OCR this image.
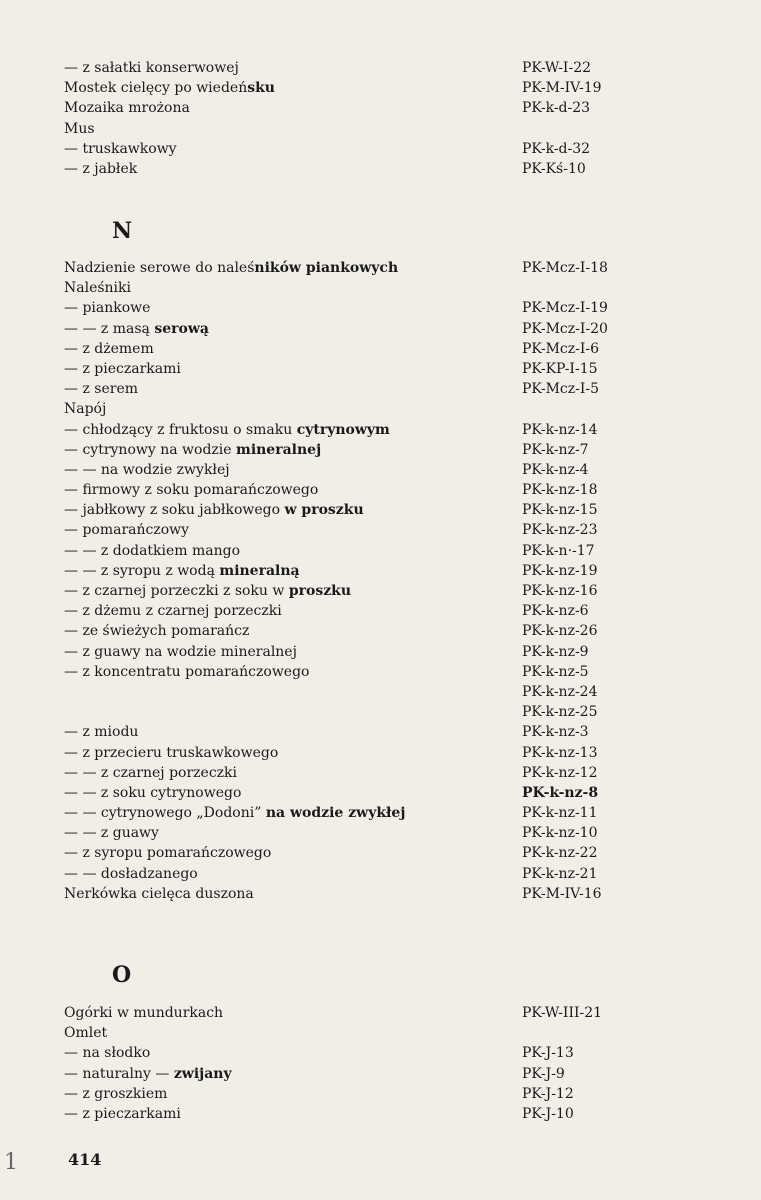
— z sałatki konserwowej	PK-W-I-22
Mostek cielęcy po wiedeńsku	PK-M-IV-19
Mozaika mrożona	PK-k-d-23
Mus
— truskawkowy	PK-k-d-32
— z jabłek	PK-Kś-10
N
Nadzienie serowe do naleśników piankowych	PK-Mcz-I-18
Naleśniki
— piankowe	PK-Mcz-I-19
— — z masą serową	PK-Mcz-I-20
— z dżemem	PK-Mcz-I-6
— z pieczarkami	PK-KP-I-15
— z serem	PK-Mcz-I-5
Napój
— chłodzący z fruktosu o smaku cytrynowym	PK-k-nz-14
— cytrynowy na wodzie mineralnej	PK-k-nz-7
— — na wodzie zwykłej	PK-k-nz-4
— firmowy z soku pomarańczowego	PK-k-nz-18
— jabłkowy z soku jabłkowego w proszku	PK-k-nz-15
— pomarańczowy	PK-k-nz-23
— — z dodatkiem mango	PK-k-n·-17
— — z syropu z wodą mineralną	PK-k-nz-19
— z czarnej porzeczki z soku w proszku	PK-k-nz-16
— z dżemu z czarnej porzeczki	PK-k-nz-6
— ze świeżych pomarańcz	PK-k-nz-26
— z guawy na wodzie mineralnej	PK-k-nz-9
— z koncentratu pomarańczowego	PK-k-nz-5
PK-k-nz-24
PK-k-nz-25
— z miodu	PK-k-nz-3
— z przecieru truskawkowego	PK-k-nz-13
— — z czarnej porzeczki	PK-k-nz-12
— — z soku cytrynowego	PK-k-nz-8
— — cytrynowego „Dodoni” na wodzie zwykłej	PK-k-nz-11
— — z guawy	PK-k-nz-10
— z syropu pomarańczowego	PK-k-nz-22
— — dosładzanego	PK-k-nz-21
Nerkówka cielęca duszona	PK-M-IV-16
O
Ogórki w mundurkach	PK-W-III-21
Omlet
— na słodko	PK-J-13
— naturalny — zwijany	PK-J-9
— z groszkiem	PK-J-12
— z pieczarkami	PK-J-10
414
1
